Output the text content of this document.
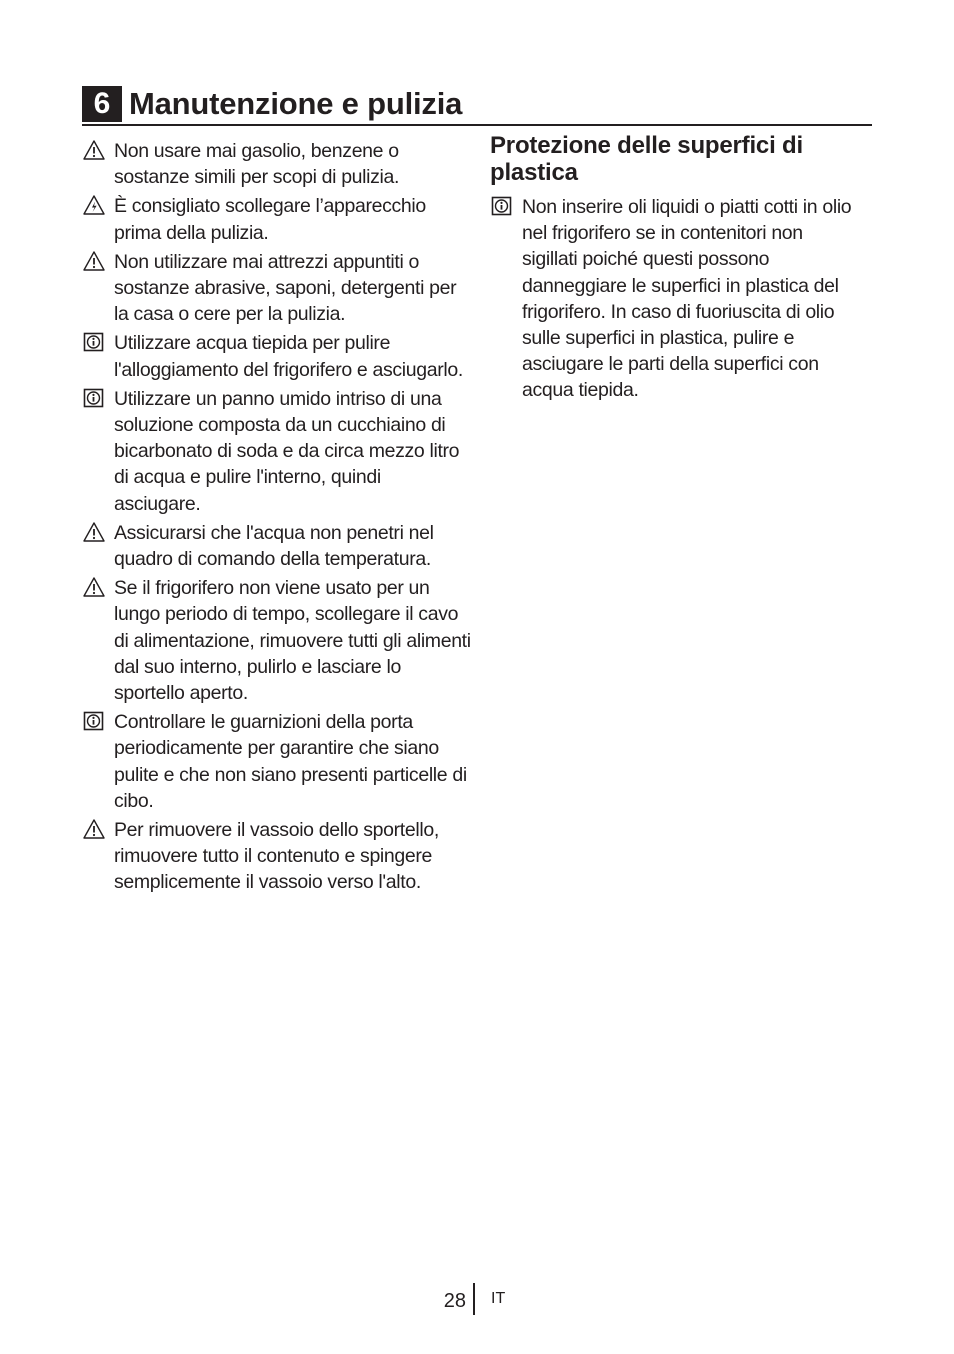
6 Manutenzione e pulizia
Non usare mai gasolio, benzene o sostanze simili per scopi di pulizia.
È consigliato scollegare l’apparecchio prima della pulizia.
Non utilizzare mai attrezzi appuntiti o sostanze abrasive, saponi, detergenti per la casa o cere per la pulizia.
Utilizzare acqua tiepida per pulire l'alloggiamento del frigorifero e asciugarlo.
Utilizzare un panno umido intriso di una soluzione composta da un cucchiaino di bicarbonato di soda e da circa mezzo litro di acqua e pulire l'interno, quindi asciugare.
Assicurarsi che l'acqua non penetri nel quadro di comando della temperatura.
Se il frigorifero non viene usato per un lungo periodo di tempo, scollegare il cavo di alimentazione, rimuovere tutti gli alimenti dal suo interno, pulirlo e lasciare lo sportello aperto.
Controllare le guarnizioni della porta periodicamente per garantire che siano pulite e che non siano presenti particelle di cibo.
Per rimuovere il vassoio dello sportello, rimuovere tutto il contenuto e spingere semplicemente il vassoio verso l'alto.
Protezione delle superfici di plastica
Non inserire oli liquidi o piatti cotti in olio nel frigorifero se in contenitori non sigillati poiché questi possono danneggiare le superfici in plastica del frigorifero. In caso di fuoriuscita di olio sulle superfici in plastica, pulire e asciugare le parti della superfici con acqua tiepida.
28 IT
